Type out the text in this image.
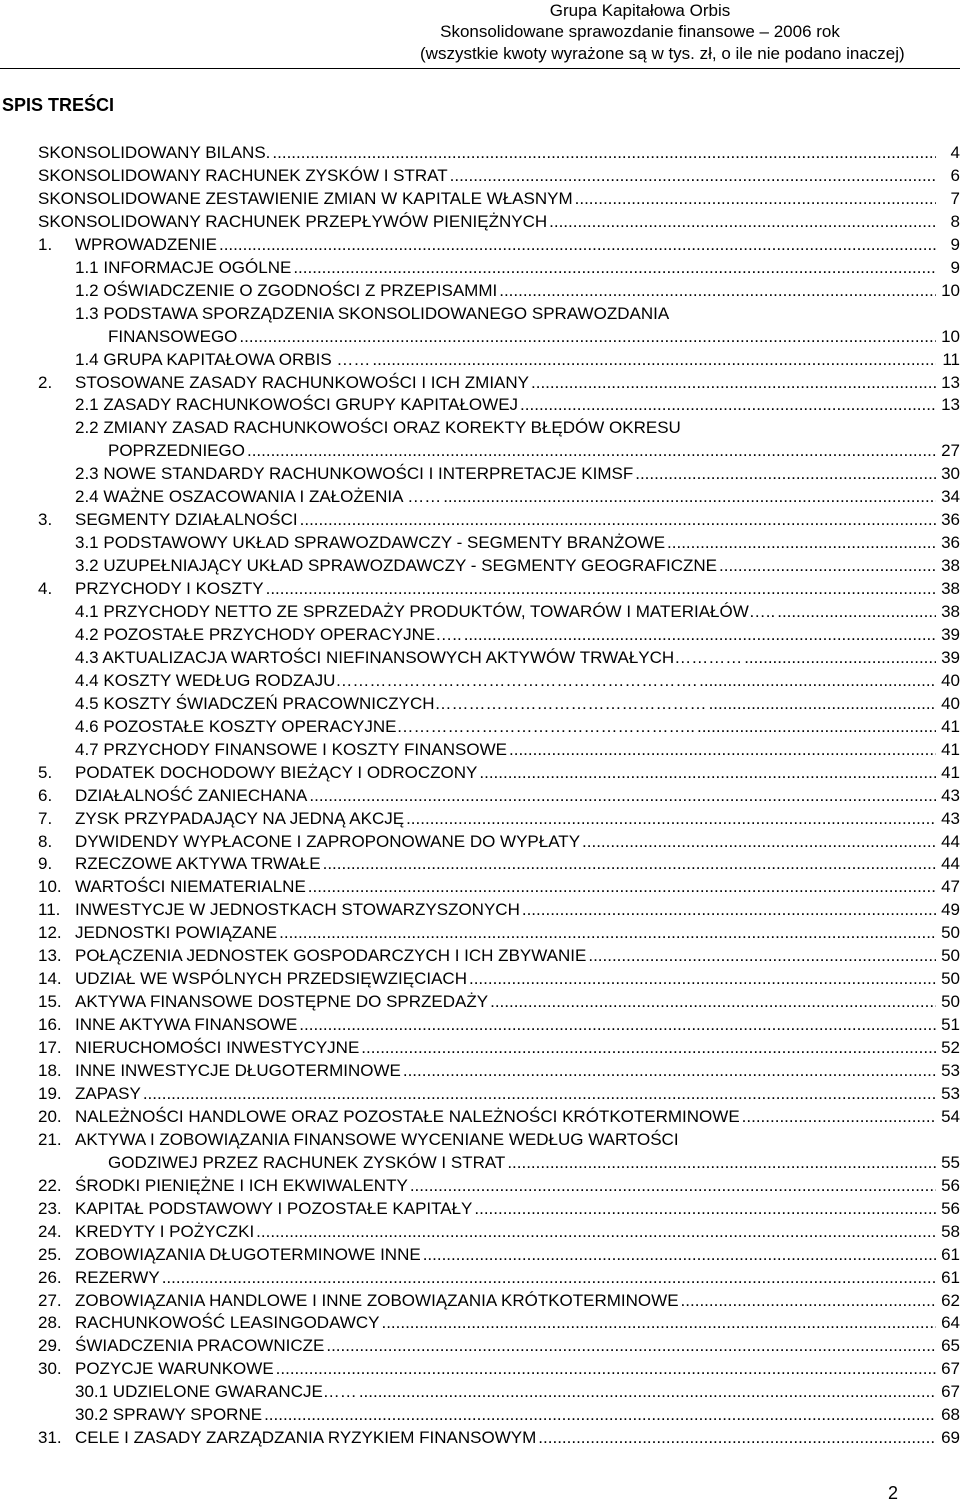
Grupa Kapitałowa Orbis
Skonsolidowane sprawozdanie finansowe – 2006 rok
(wszystkie kwoty wyrażone są w tys. zł, o ile nie podano inaczej)
SPIS TREŚCI
SKONSOLIDOWANY BILANS. .....	4
SKONSOLIDOWANY RACHUNEK ZYSKÓW I STRAT .....	6
SKONSOLIDOWANE ZESTAWIENIE ZMIAN W KAPITALE WŁASNYM .....	7
SKONSOLIDOWANY RACHUNEK PRZEPŁYWÓW PIENIĘŻNYCH .....	8
1. WPROWADZENIE .....	9
1.1 INFORMACJE OGÓLNE .....	9
1.2 OŚWIADCZENIE O ZGODNOŚCI Z PRZEPISAMMI .....	10
1.3 PODSTAWA SPORZĄDZENIA SKONSOLIDOWANEGO SPRAWOZDANIA
FINANSOWEGO .....	10
1.4 GRUPA KAPITAŁOWA ORBIS …… .....	11
2. STOSOWANE ZASADY RACHUNKOWOŚCI I ICH ZMIANY .....	13
2.1 ZASADY RACHUNKOWOŚCI GRUPY KAPITAŁOWEJ .....	13
2.2 ZMIANY ZASAD RACHUNKOWOŚCI ORAZ KOREKTY BŁĘDÓW OKRESU
POPRZEDNIEGO .....	27
2.3 NOWE STANDARDY RACHUNKOWOŚCI I INTERPRETACJE KIMSF .....	30
2.4 WAŻNE OSZACOWANIA I ZAŁOŻENIA …… .....	34
3. SEGMENTY DZIAŁALNOŚCI .....	36
3.1 PODSTAWOWY UKŁAD SPRAWOZDAWCZY - SEGMENTY BRANŻOWE .....	36
3.2 UZUPEŁNIAJĄCY UKŁAD SPRAWOZDAWCZY - SEGMENTY GEOGRAFICZNE .....	38
4. PRZYCHODY I KOSZTY .....	38
4.1 PRZYCHODY NETTO ZE SPRZEDAŻY PRODUKTÓW, TOWARÓW I MATERIAŁÓW….. .....	38
4.2 POZOSTAŁE PRZYCHODY OPERACYJNE….. .....	39
4.3 AKTUALIZACJA WARTOŚCI NIEFINANSOWYCH AKTYWÓW TRWAŁYCH………… .....	39
4.4 KOSZTY WEDŁUG RODZAJU………………………………………………………. .....	40
4.5 KOSZTY ŚWIADCZEŃ PRACOWNICZYCH………………………………………… .....	40
4.6 POZOSTAŁE KOSZTY OPERACYJNE…………………………………………….. .....	41
4.7 PRZYCHODY FINANSOWE I KOSZTY FINANSOWE .....	41
5. PODATEK DOCHODOWY BIEŻĄCY I ODROCZONY .....	41
6. DZIAŁALNOŚĆ ZANIECHANA .....	43
7. ZYSK PRZYPADAJĄCY NA JEDNĄ AKCJĘ .....	43
8. DYWIDENDY WYPŁACONE I ZAPROPONOWANE DO WYPŁATY .....	44
9. RZECZOWE AKTYWA TRWAŁE .....	44
10. WARTOŚCI NIEMATERIALNE .....	47
11. INWESTYCJE W JEDNOSTKACH STOWARZYSZONYCH .....	49
12. JEDNOSTKI POWIĄZANE .....	50
13. POŁĄCZENIA JEDNOSTEK GOSPODARCZYCH I ICH ZBYWANIE .....	50
14. UDZIAŁ WE WSPÓLNYCH PRZEDSIĘWZIĘCIACH .....	50
15. AKTYWA FINANSOWE DOSTĘPNE DO SPRZEDAŻY .....	50
16. INNE AKTYWA FINANSOWE .....	51
17. NIERUCHOMOŚCI INWESTYCYJNE .....	52
18. INNE INWESTYCJE DŁUGOTERMINOWE .....	53
19. ZAPASY .....	53
20. NALEŻNOŚCI HANDLOWE ORAZ POZOSTAŁE NALEŻNOŚCI KRÓTKOTERMINOWE .....	54
21. AKTYWA I ZOBOWIĄZANIA FINANSOWE WYCENIANE WEDŁUG WARTOŚCI
GODZIWEJ PRZEZ RACHUNEK ZYSKÓW I STRAT .....	55
22. ŚRODKI PIENIĘŻNE I ICH EKWIWALENTY .....	56
23. KAPITAŁ PODSTAWOWY I POZOSTAŁE KAPITAŁY .....	56
24. KREDYTY I POŻYCZKI .....	58
25. ZOBOWIĄZANIA DŁUGOTERMINOWE INNE .....	61
26. REZERWY .....	61
27. ZOBOWIĄZANIA HANDLOWE I INNE ZOBOWIĄZANIA KRÓTKOTERMINOWE .....	62
28. RACHUNKOWOŚĆ LEASINGODAWCY .....	64
29. ŚWIADCZENIA PRACOWNICZE .....	65
30. POZYCJE WARUNKOWE .....	67
30.1 UDZIELONE GWARANCJE…… .....	67
30.2 SPRAWY SPORNE .....	68
31. CELE I ZASADY ZARZĄDZANIA RYZYKIEM FINANSOWYM .....	69
2
